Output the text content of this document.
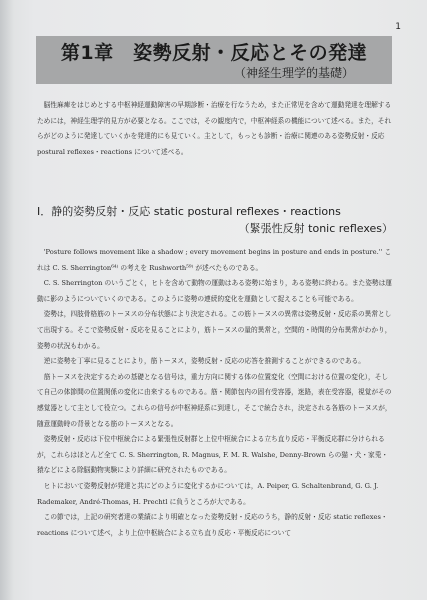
1
第1章　姿勢反射・反応とその発達
（神経生理学的基礎）

脳性麻痺をはじめとする中枢神経運動障害の早期診断・治療を行なうため，また正常児を含めて運動発達を理解するためには，神経生理学的見方が必要となる。ここでは，その観度内で，中枢神経系の機能について述べる。また，それらがどのように発達していくかを発達的にも見ていく。主として，もっとも診断・治療に関連のある姿勢反射・反応 postural reflexes・reactions について述べる。

Ⅰ．静的姿勢反射・反応 static postural reflexes・reactions
（緊張性反射 tonic reflexes）

'Posture follows movement like a shadow ; every movement begins in posture and ends in posture.'' これは C. S. Sherrington⁶⁴⁾ の考えを Rushworth⁵⁹⁾ が述べたものである。

C. S. Sherrington のいうごとく，ヒトを含めて動物の運動はある姿勢に始まり，ある姿勢に終わる。また姿勢は運動に影のようについていくのである。このように姿勢の連続的変化を運動として捉えることも可能である。

姿勢は，四肢骨格筋のトーヌスの分布状態により決定される。この筋トーヌスの異常は姿勢反射・反応系の異常として出現する。そこで姿勢反射・反応を見ることにより，筋トーヌスの量的異常と，空間的・時間的分布異常がわかり，姿勢の状況もわかる。

逆に姿勢を丁寧に見ることにより，筋トーヌス，姿勢反射・反応の応答を推測することができるのである。

筋トーヌスを決定するための基礎となる信号は，重力方向に関する体の位置変化（空間における位置の変化），そして自己の体節間の位置関係の変化に由来するものである。筋・関節包内の固有受容器，迷路，表在受容器，視覚がその感覚器として主として役立つ。これらの信号が中枢神経系に到達し，そこで統合され，決定される各筋のトーヌスが，随意運動時の背景となる筋のトーヌスとなる。

姿勢反射・反応は下位中枢統合による緊張性反射群と上位中枢統合による立ち直り反応・平衡反応群に分けられるが，これらはほとんど全て C. S. Sherrington, R. Magnus, F. M. R. Walshe, Denny-Brown らの猫・犬・家兎・猿などによる除脳動物実験により詳細に研究されたものである。

ヒトにおいて姿勢反射が発達と共にどのように変化するかについては，A. Peiper, G. Schaltenbrand, G. G. J. Rademaker, André-Thomas, H. Prechtl に負うところが大である。

この節では，上記の研究者達の業績により明確となった姿勢反射・反応のうち，静的反射・反応 static reflexes・reactions について述べ，より上位中枢統合による立ち直り反応・平衡反応について
